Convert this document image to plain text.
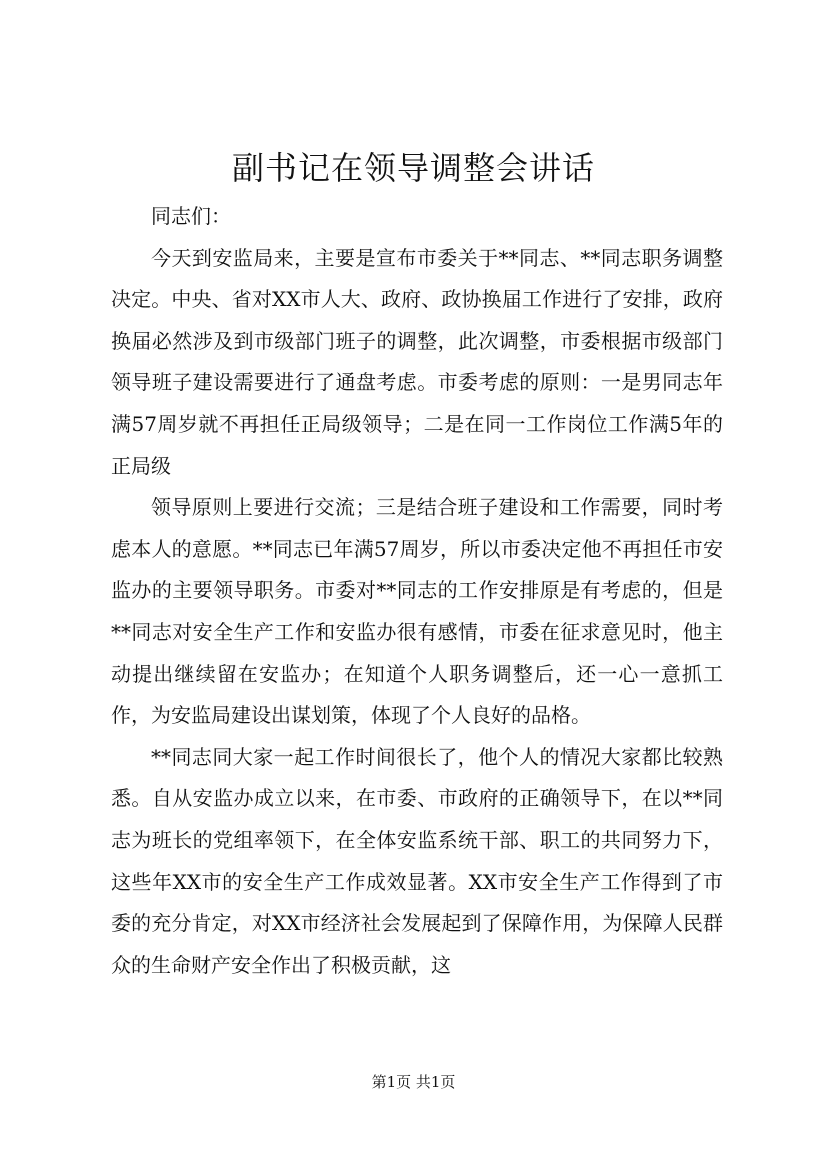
副书记在领导调整会讲话

同志们：

今天到安监局来，主要是宣布市委关于**同志、**同志职务调整决定。中央、省对XX市人大、政府、政协换届工作进行了安排，政府换届必然涉及到市级部门班子的调整，此次调整，市委根据市级部门领导班子建设需要进行了通盘考虑。市委考虑的原则：一是男同志年满57周岁就不再担任正局级领导；二是在同一工作岗位工作满5年的正局级

领导原则上要进行交流；三是结合班子建设和工作需要，同时考虑本人的意愿。**同志已年满57周岁，所以市委决定他不再担任市安监办的主要领导职务。市委对**同志的工作安排原是有考虑的，但是**同志对安全生产工作和安监办很有感情，市委在征求意见时，他主动提出继续留在安监办；在知道个人职务调整后，还一心一意抓工作，为安监局建设出谋划策，体现了个人良好的品格。

**同志同大家一起工作时间很长了，他个人的情况大家都比较熟悉。自从安监办成立以来，在市委、市政府的正确领导下，在以**同志为班长的党组率领下，在全体安监系统干部、职工的共同努力下，这些年XX市的安全生产工作成效显著。XX市安全生产工作得到了市委的充分肯定，对XX市经济社会发展起到了保障作用，为保障人民群众的生命财产安全作出了积极贡献，这

第1页 共1页
